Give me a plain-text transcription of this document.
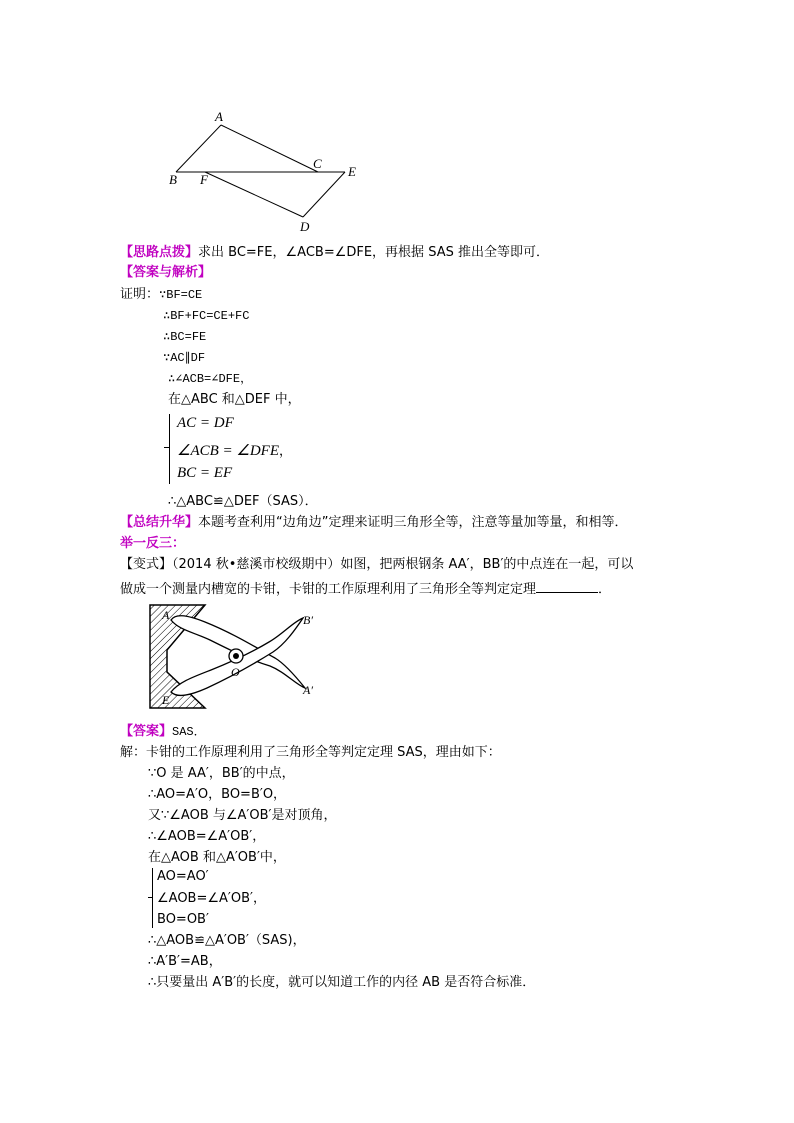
A
B F
C
E
D
【思路点拨】求出 BC=FE，∠ACB=∠DFE，再根据 SAS 推出全等即可．
【答案与解析】
证明：∵BF=CE
∴BF+FC=CE+FC
∴BC=FE
∵AC∥DF
∴∠ACB=∠DFE，
在△ABC 和△DEF 中，
AC = DF
∠ACB = ∠DFE，
BC = EF
∴△ABC≌△DEF（SAS）．
【总结升华】本题考查利用“边角边”定理来证明三角形全等，注意等量加等量，和相等．
举一反三：
【变式】（2014 秋•慈溪市校级期中）如图，把两根钢条 AA′，BB′的中点连在一起，可以
做成一个测量内槽宽的卡钳，卡钳的工作原理利用了三角形全等判定定理	．
A
E
O
B′
A′
【答案】SAS．
解：卡钳的工作原理利用了三角形全等判定定理 SAS，理由如下：
∵O 是 AA′，BB′的中点，
∴AO=A′O，BO=B′O，
又∵∠AOB 与∠A′OB′是对顶角，
∴∠AOB=∠A′OB′，
在△AOB 和△A′OB′中，
AO=AO′
∠AOB=∠A′OB′，
BO=OB′
∴△AOB≌△A′OB′（SAS)，
∴A′B′=AB，
∴只要量出 A′B′的长度，就可以知道工作的内径 AB 是否符合标准．
